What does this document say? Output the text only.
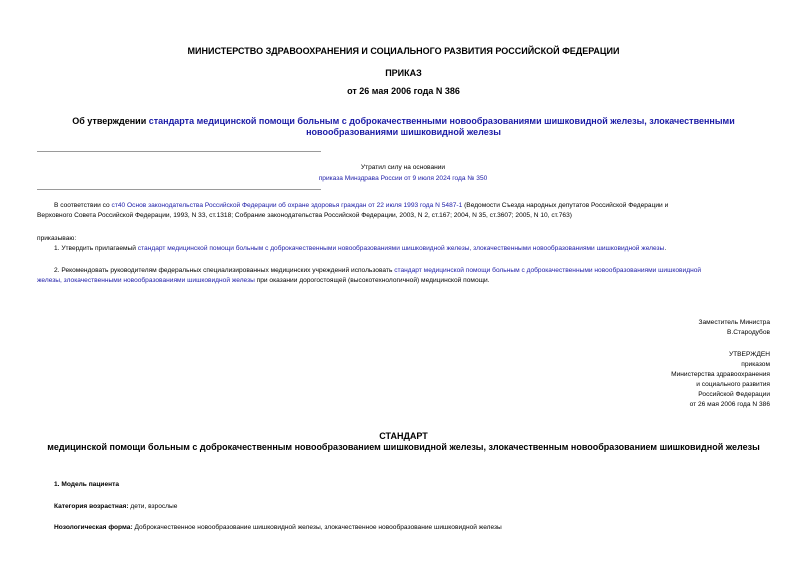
МИНИСТЕРСТВО ЗДРАВООХРАНЕНИЯ И СОЦИАЛЬНОГО РАЗВИТИЯ РОССИЙСКОЙ ФЕДЕРАЦИИ
ПРИКАЗ
от 26 мая 2006 года N 386
Об утверждении стандарта медицинской помощи больным с доброкачественными новообразованиями шишковидной железы, злокачественными
новообразованиями шишковидной железы
Утратил силу на основании
приказа Минздрава России от 9 июля 2024 года № 350
В соответствии со ст40 Основ законодательства Российской Федерации об охране здоровья граждан от 22 июля 1993 года N 5487-1 (Ведомости Съезда народных депутатов Российской Федерации и
Верховного Совета Российской Федерации, 1993, N 33, ст.1318; Собрание законодательства Российской Федерации, 2003, N 2, ст.167; 2004, N 35, ст.3607; 2005, N 10, ст.763)
приказываю:
1. Утвердить прилагаемый стандарт медицинской помощи больным с доброкачественными новообразованиями шишковидной железы, злокачественными новообразованиями шишковидной железы.
2. Рекомендовать руководителям федеральных специализированных медицинских учреждений использовать стандарт медицинской помощи больным с доброкачественными новообразованиями шишковидной
железы, злокачественными новообразованиями шишковидной железы при оказании дорогостоящей (высокотехнологичной) медицинской помощи.
Заместитель Министра
В.Стародубов
УТВЕРЖДЕН
приказом
Министерства здравоохранения
и социального развития
Российской Федерации
от 26 мая 2006 года N 386
СТАНДАРТ
медицинской помощи больным с доброкачественным новообразованием шишковидной железы, злокачественным новообразованием шишковидной железы
1. Модель пациента
Категория возрастная: дети, взрослые
Нозологическая форма: Доброкачественное новообразование шишковидной железы, злокачественное новообразование шишковидной железы
